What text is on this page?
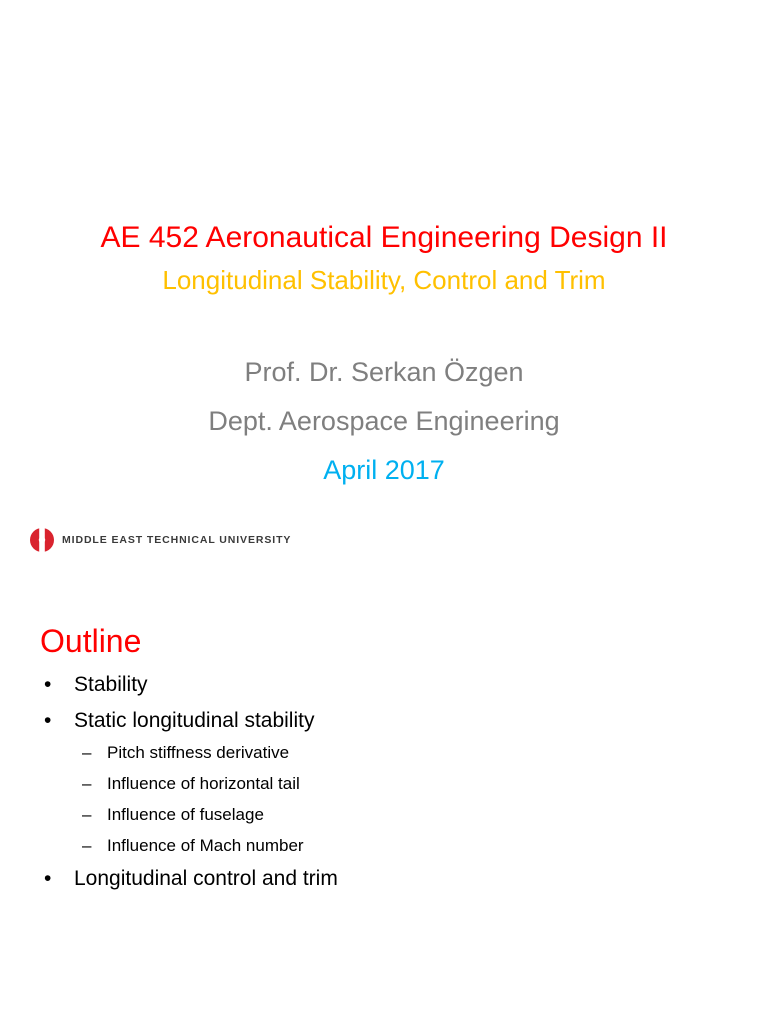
AE 452 Aeronautical Engineering Design II
Longitudinal Stability, Control and Trim
Prof. Dr. Serkan Özgen
Dept. Aerospace Engineering
April 2017
MIDDLE EAST TECHNICAL UNIVERSITY
Outline
• Stability
• Static longitudinal stability
– Pitch stiffness derivative
– Influence of horizontal tail
– Influence of fuselage
– Influence of Mach number
• Longitudinal control and trim
